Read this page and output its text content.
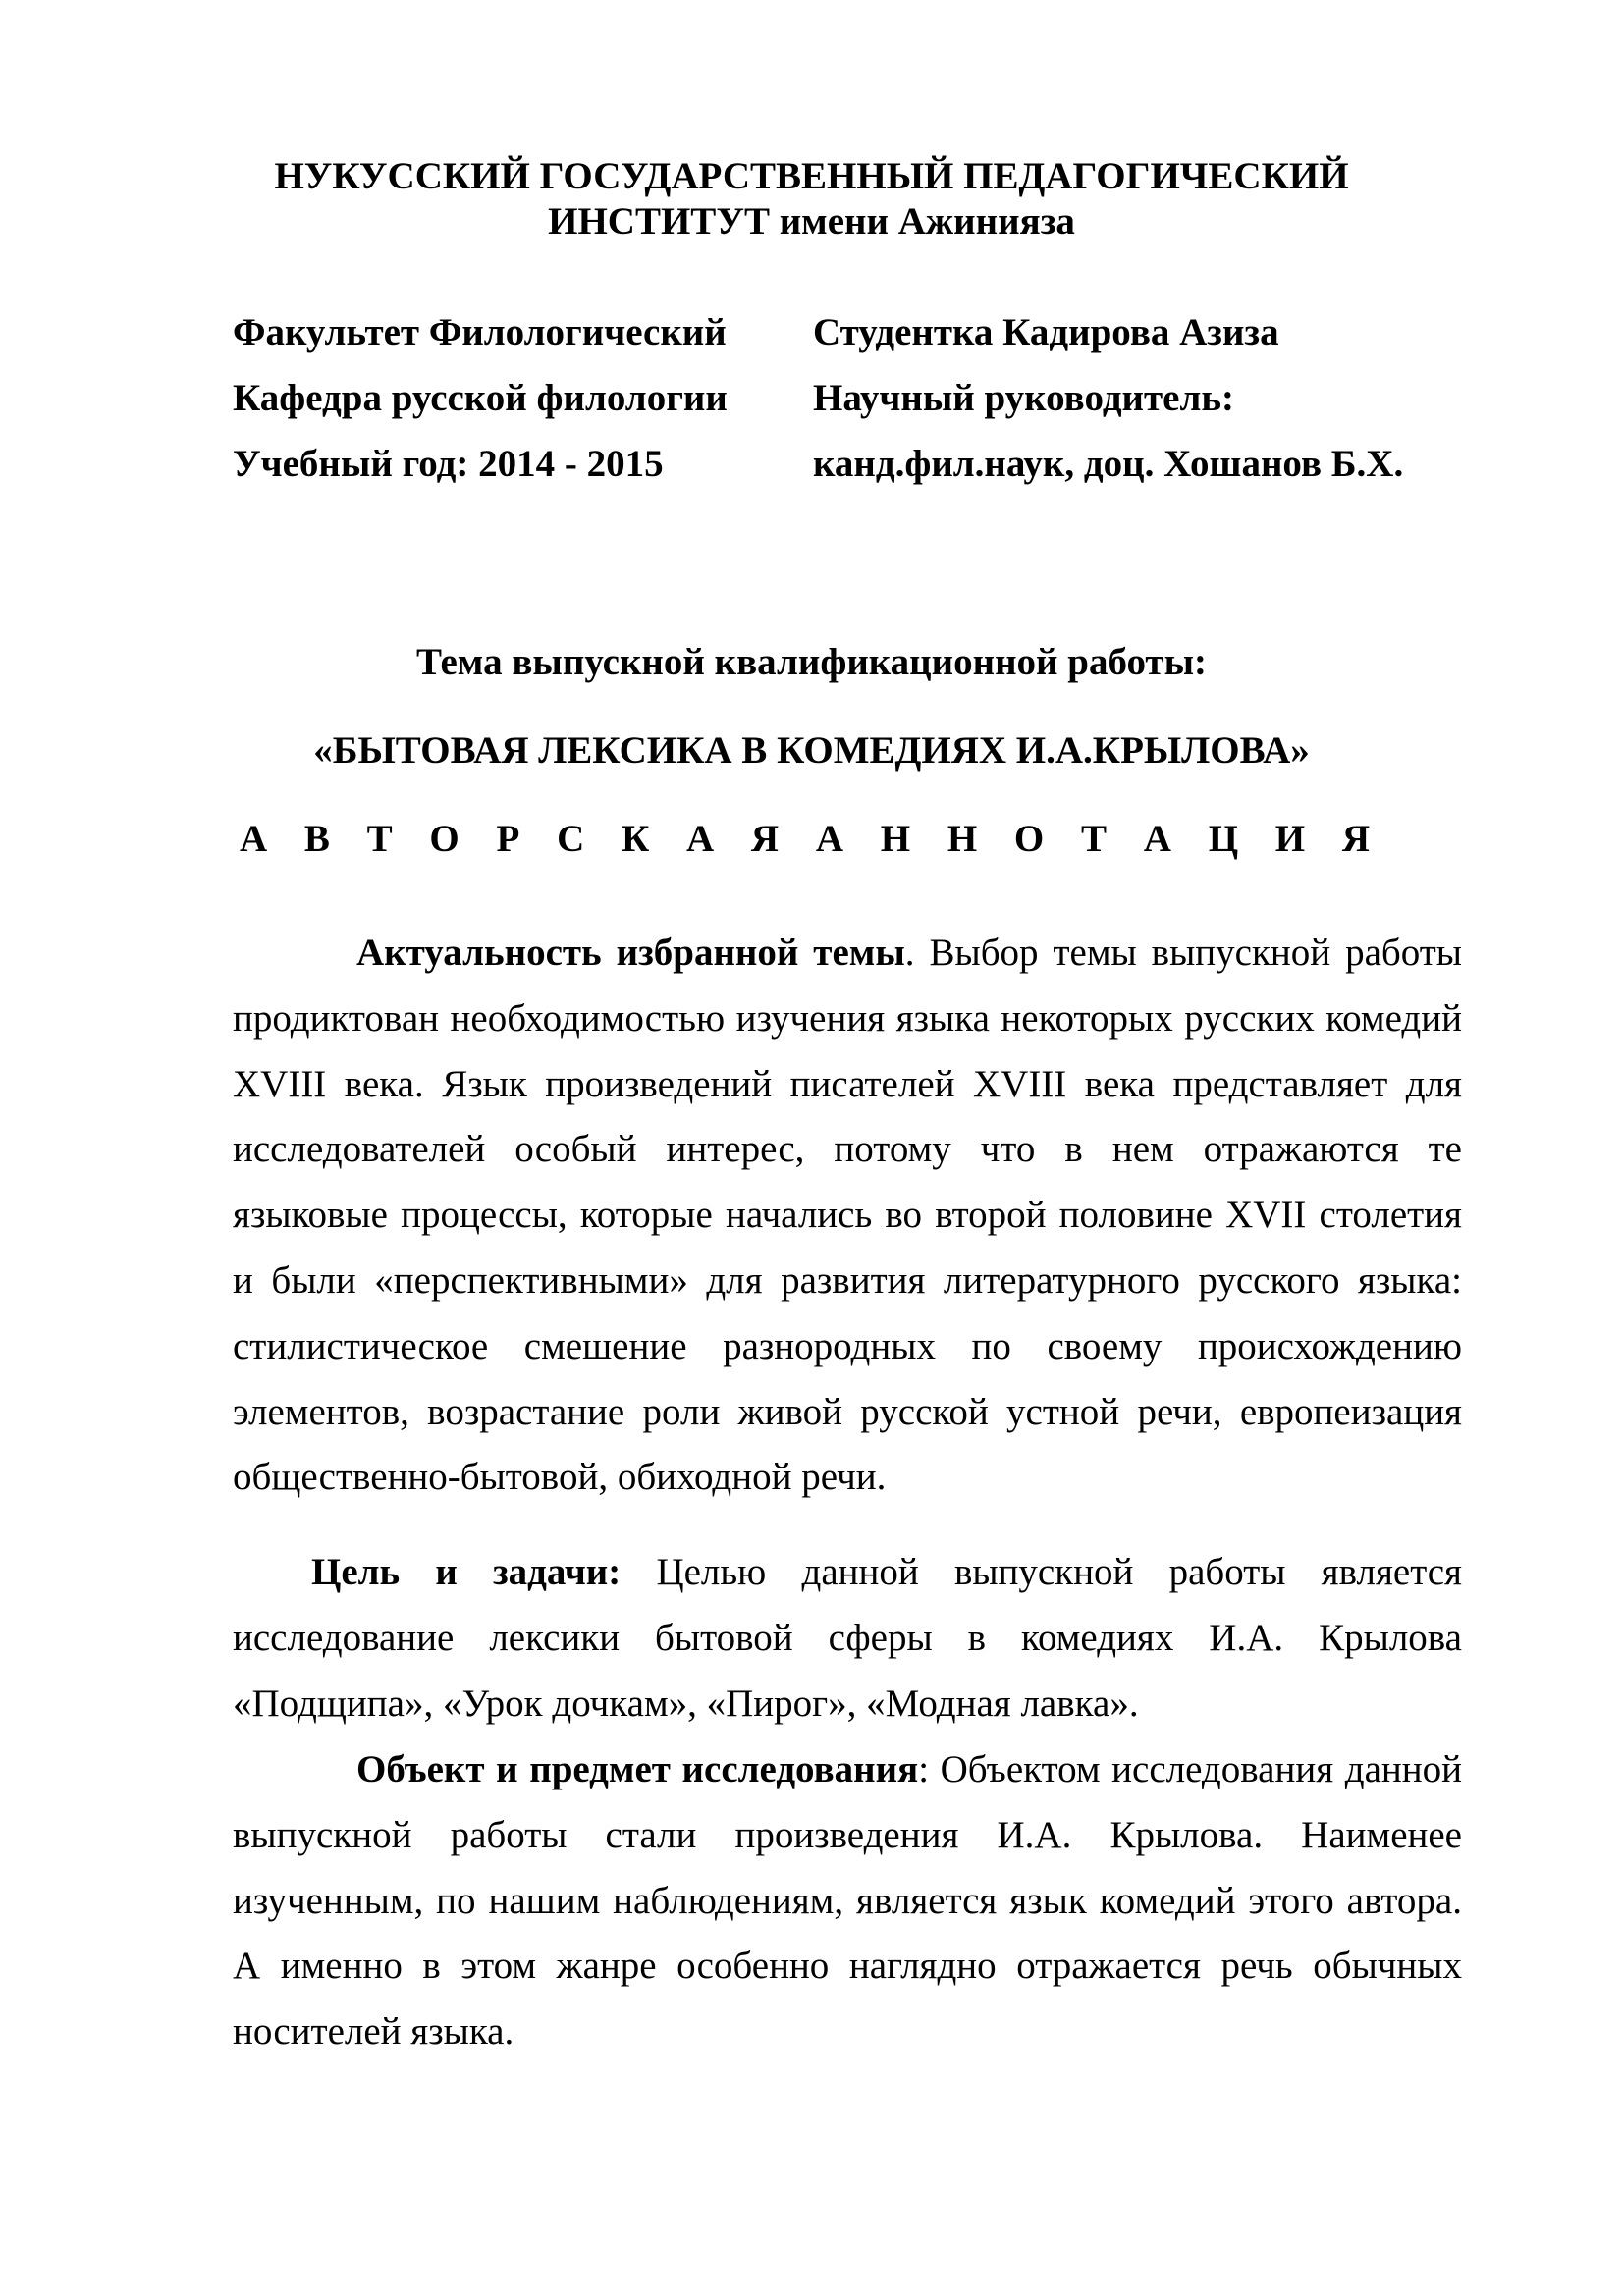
НУКУССКИЙ ГОСУДАРСТВЕННЫЙ ПЕДАГОГИЧЕСКИЙ
ИНСТИТУТ имени Ажинияза
Факультет Филологический
Кафедра русской филологии
Учебный год: 2014 - 2015
Студентка Кадирова Азиза
Научный руководитель:
канд.фил.наук, доц. Хошанов Б.Х.
Тема выпускной квалификационной работы:
«БЫТОВАЯ ЛЕКСИКА В КОМЕДИЯХ И.А.КРЫЛОВА»
А В Т О Р С К А Я А Н Н О Т А Ц И Я
Актуальность избранной темы. Выбор темы выпускной работы продиктован необходимостью изучения языка некоторых русских комедий XVIII века. Язык произведений писателей XVIII века представляет для исследователей особый интерес, потому что в нем отражаются те языковые процессы, которые начались во второй половине XVII столетия и были «перспективными» для развития литературного русского языка: стилистическое смешение разнородных по своему происхождению элементов, возрастание роли живой русской устной речи, европеизация общественно-бытовой, обиходной речи.
Цель и задачи: Целью данной выпускной работы является исследование лексики бытовой сферы в комедиях И.А. Крылова «Подщипа», «Урок дочкам», «Пирог», «Модная лавка».
Объект и предмет исследования: Объектом исследования данной выпускной работы стали произведения И.А. Крылова. Наименее изученным, по нашим наблюдениям, является язык комедий этого автора. А именно в этом жанре особенно наглядно отражается речь обычных носителей языка.
